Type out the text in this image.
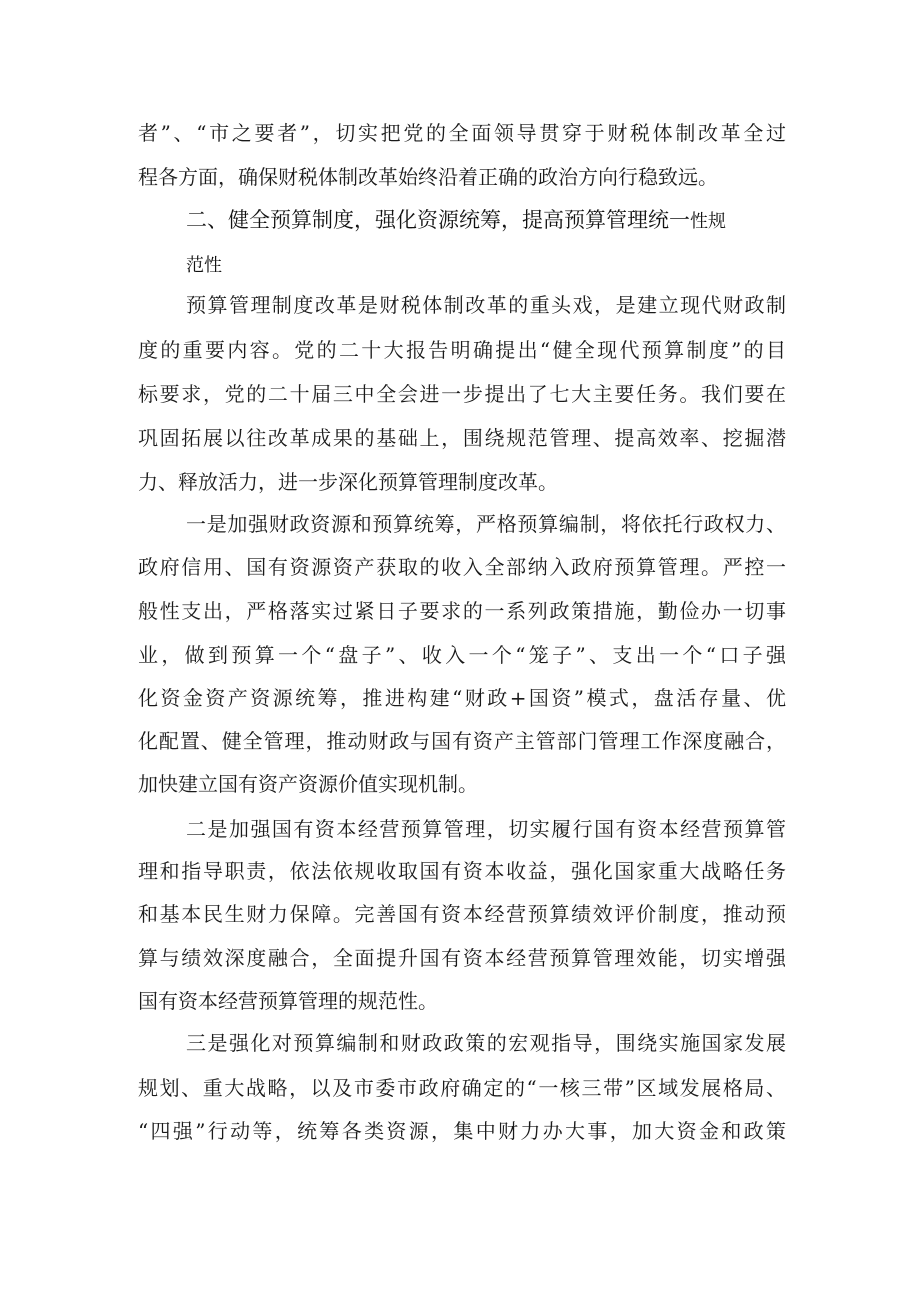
者”、“市之要者”，切实把党的全面领导贯穿于财税体制改革全过
程各方面，确保财税体制改革始终沿着正确的政治方向行稳致远。
二、健全预算制度，强化资源统筹，提高预算管理统一性规
范性
预算管理制度改革是财税体制改革的重头戏，是建立现代财政制
度的重要内容。党的二十大报告明确提出“健全现代预算制度”的目
标要求，党的二十届三中全会进一步提出了七大主要任务。我们要在
巩固拓展以往改革成果的基础上，围绕规范管理、提高效率、挖掘潜
力、释放活力，进一步深化预算管理制度改革。
一是加强财政资源和预算统筹，严格预算编制，将依托行政权力、
政府信用、国有资源资产获取的收入全部纳入政府预算管理。严控一
般性支出，严格落实过紧日子要求的一系列政策措施，勤俭办一切事
业，做到预算一个“盘子”、收入一个“笼子”、支出一个“口子强
化资金资产资源统筹，推进构建“财政+国资”模式，盘活存量、优
化配置、健全管理，推动财政与国有资产主管部门管理工作深度融合，
加快建立国有资产资源价值实现机制。
二是加强国有资本经营预算管理，切实履行国有资本经营预算管
理和指导职责，依法依规收取国有资本收益，强化国家重大战略任务
和基本民生财力保障。完善国有资本经营预算绩效评价制度，推动预
算与绩效深度融合，全面提升国有资本经营预算管理效能，切实增强
国有资本经营预算管理的规范性。
三是强化对预算编制和财政政策的宏观指导，围绕实施国家发展
规划、重大战略，以及市委市政府确定的“一核三带”区域发展格局、
“四强”行动等，统筹各类资源，集中财力办大事，加大资金和政策
